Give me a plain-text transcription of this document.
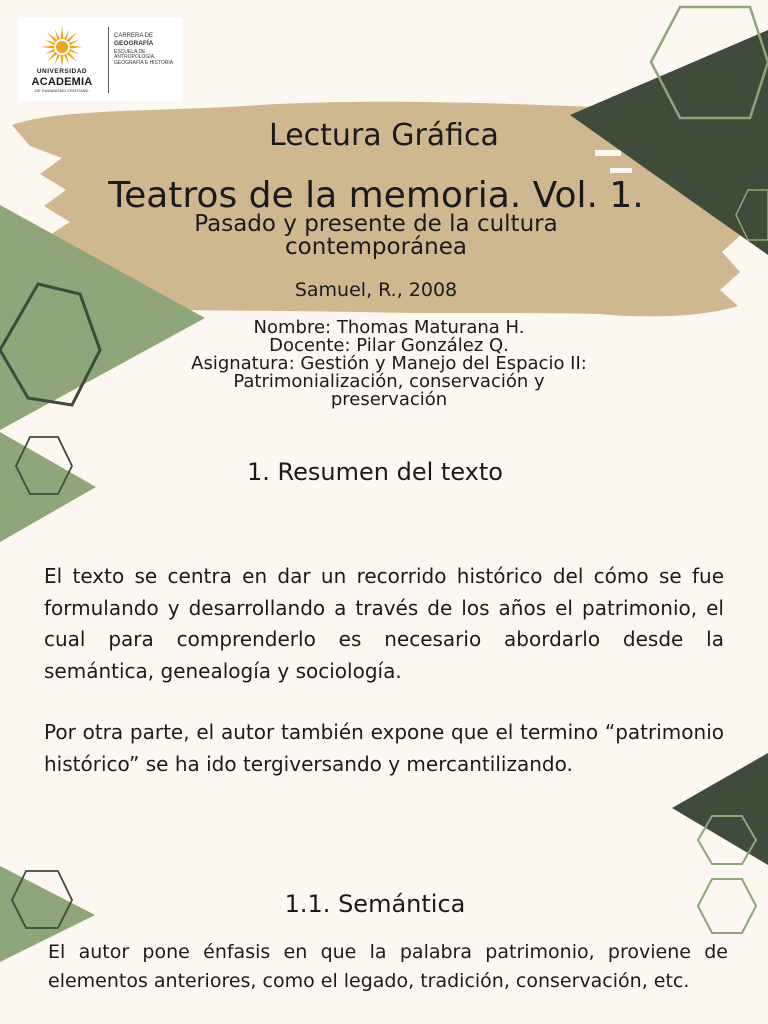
UNIVERSIDAD
ACADEMIA
DE HUMANISMO CRISTIANO
CARRERA DE
GEOGRAFÍA
ESCUELA DE
ANTROPOLOGÍA,
GEOGRAFÍA E HISTORIA
Lectura Gráfica
Teatros de la memoria. Vol. 1.
Pasado y presente de la cultura
contemporánea
Samuel, R., 2008
Nombre: Thomas Maturana H.
Docente: Pilar González Q.
Asignatura: Gestión y Manejo del Espacio II:
Patrimonialización, conservación y
preservación
1. Resumen del texto
El texto se centra en dar un recorrido histórico del cómo se fue formulando y desarrollando a través de los años el patrimonio, el cual para comprenderlo es necesario abordarlo desde la semántica, genealogía y sociología.
Por otra parte, el autor también expone que el termino “patrimonio histórico” se ha ido tergiversando y mercantilizando.
1.1. Semántica
El autor pone énfasis en que la palabra patrimonio, proviene de elementos anteriores, como el legado, tradición, conservación, etc.
